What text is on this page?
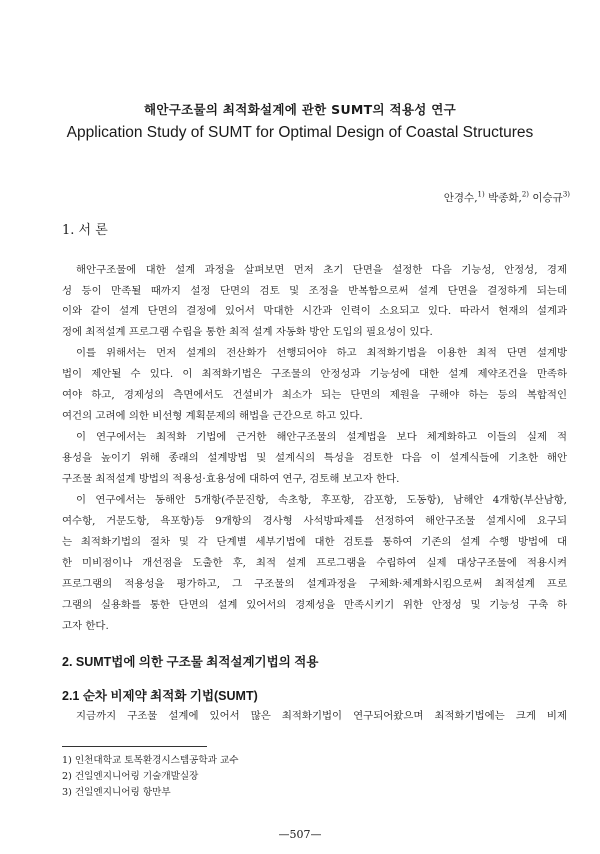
해안구조물의 최적화설계에 관한 SUMT의 적용성 연구
Application Study of SUMT for Optimal Design of Coastal Structures
안경수,$^{1)}$ 박종화,$^{2)}$ 이승규$^{3)}$
1. 서 론
해안구조물에 대한 설계 과정을 살펴보면 먼저 초기 단면을 설정한 다음 기능성, 안정성, 경제
성 등이 만족될 때까지 설정 단면의 검토 및 조정을 반복함으로써 설계 단면을 결정하게 되는데
이와 같이 설계 단면의 결정에 있어서 막대한 시간과 인력이 소요되고 있다. 따라서 현재의 설계과
정에 최적설계 프로그램 수립을 통한 최적 설계 자동화 방안 도입의 필요성이 있다.
이를 위해서는 먼저 설계의 전산화가 선행되어야 하고 최적화기법을 이용한 최적 단면 설계방
법이 제안될 수 있다. 이 최적화기법은 구조물의 안정성과 기능성에 대한 설계 제약조건을 만족하
여야 하고, 경제성의 측면에서도 건설비가 최소가 되는 단면의 제원을 구해야 하는 등의 복합적인
여건의 고려에 의한 비선형 계획문제의 해법을 근간으로 하고 있다.
이 연구에서는 최적화 기법에 근거한 해안구조물의 설계법을 보다 체계화하고 이들의 실제 적
용성을 높이기 위해 종래의 설계방법 및 설계식의 특성을 검토한 다음 이 설계식들에 기초한 해안
구조물 최적설계 방법의 적용성·효용성에 대하여 연구, 검토해 보고자 한다.
이 연구에서는 동해안 5개항(주문진항, 속초항, 후포항, 감포항, 도동항), 남해안 4개항(부산남항,
여수항, 거문도항, 욕포항)등 9개항의 경사형 사석방파제를 선정하여 해안구조물 설계시에 요구되
는 최적화기법의 절차 및 각 단계별 세부기법에 대한 검토를 통하여 기존의 설계 수행 방법에 대
한 미비점이나 개선점을 도출한 후, 최적 설계 프로그램을 수립하여 실제 대상구조물에 적용시켜
프로그램의 적용성을 평가하고, 그 구조물의 설계과정을 구체화·체계화시킴으로써 최적설계 프로
그램의 실용화를 통한 단면의 설계 있어서의 경제성을 만족시키기 위한 안정성 및 기능성 구축 하
고자 한다.
2. SUMT법에 의한 구조물 최적설계기법의 적용
2.1 순차 비제약 최적화 기법(SUMT)
지금까지 구조물 설계에 있어서 많은 최적화기법이 연구되어왔으며 최적화기법에는 크게 비제
1) 인천대학교 토목환경시스템공학과 교수
2) 건일엔지니어링 기술개발실장
3) 건일엔지니어링 항만부
—507—
